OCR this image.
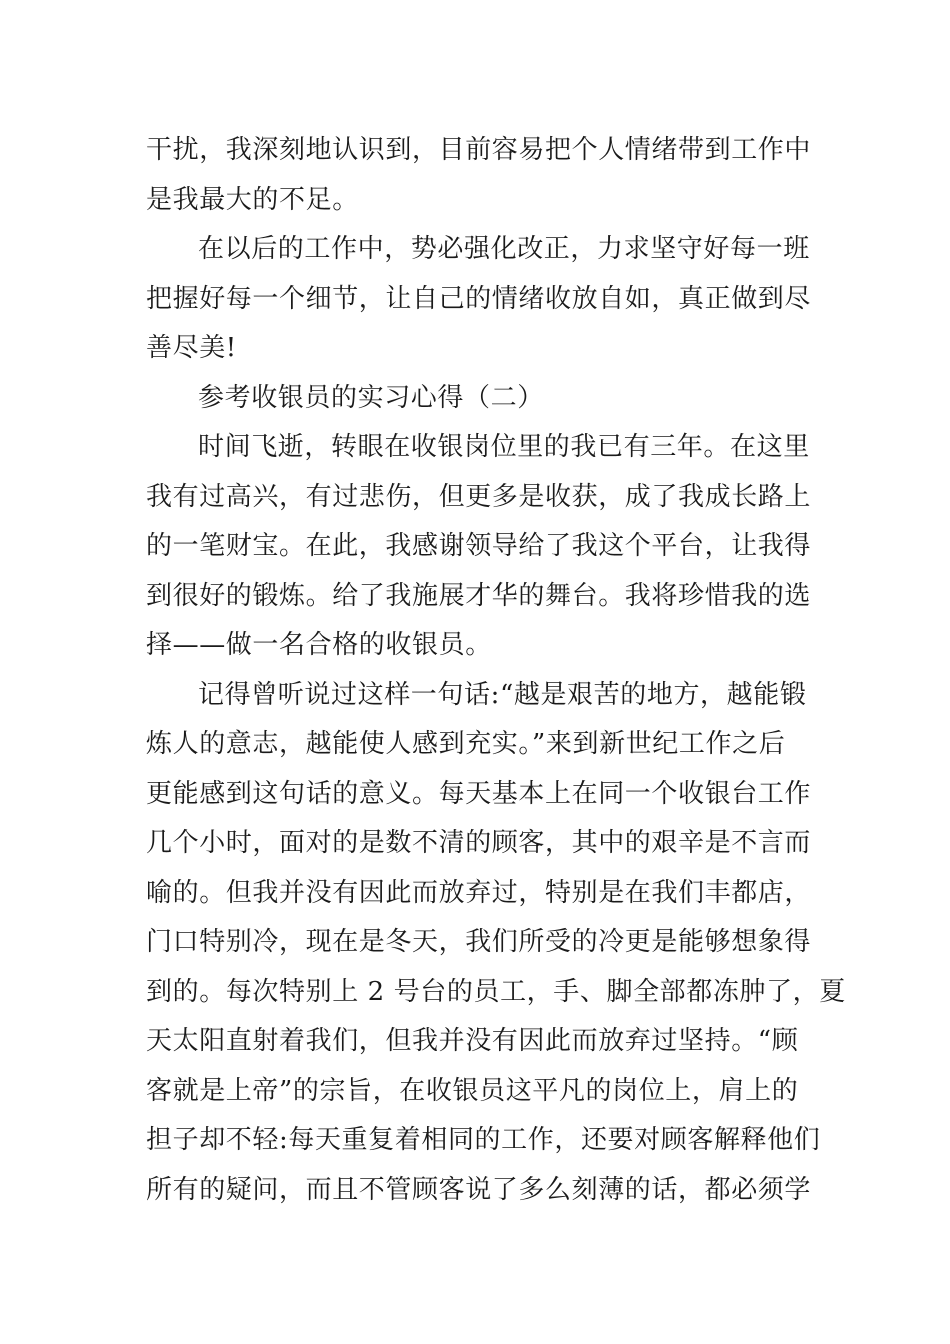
干扰，我深刻地认识到，目前容易把个人情绪带到工作中
是我最大的不足。
在以后的工作中，势必强化改正，力求坚守好每一班
把握好每一个细节，让自己的情绪收放自如，真正做到尽
善尽美!
参考收银员的实习心得（二）
时间飞逝，转眼在收银岗位里的我已有三年。在这里
我有过高兴，有过悲伤，但更多是收获，成了我成长路上
的一笔财宝。在此，我感谢领导给了我这个平台，让我得
到很好的锻炼。给了我施展才华的舞台。我将珍惜我的选
择——做一名合格的收银员。
记得曾听说过这样一句话:“越是艰苦的地方，越能锻
炼人的意志，越能使人感到充实。”来到新世纪工作之后
更能感到这句话的意义。每天基本上在同一个收银台工作
几个小时，面对的是数不清的顾客，其中的艰辛是不言而
喻的。但我并没有因此而放弃过，特别是在我们丰都店，
门口特别冷，现在是冬天，我们所受的冷更是能够想象得
到的。每次特别上 2 号台的员工，手、脚全部都冻肿了，夏
天太阳直射着我们，但我并没有因此而放弃过坚持。“顾
客就是上帝”的宗旨，在收银员这平凡的岗位上，肩上的
担子却不轻:每天重复着相同的工作，还要对顾客解释他们
所有的疑问，而且不管顾客说了多么刻薄的话，都必须学
